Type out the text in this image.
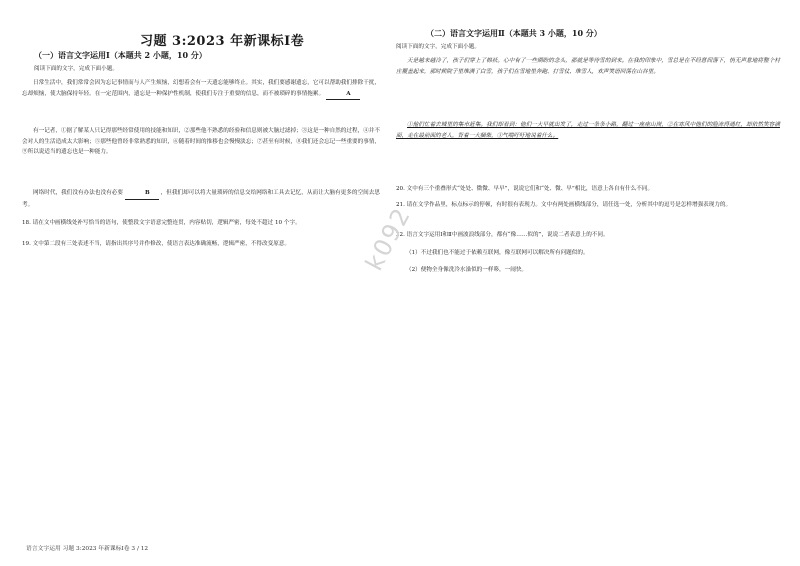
习题 3:2023 年新课标Ⅰ卷
（一）语言文字运用Ⅰ（本题共 2 小题，10 分）

阅读下面的文字，完成下面小题。

日常生活中，我们常常会因为忘记事情而与人产生烦恼，幻想着会有一天遗忘能够终止。其实，我们要感谢遗忘，它可以帮助我们排除干扰，忘却烦恼，使大脑保持年轻。在一定范围内，遗忘是一种保护性机制，使我们专注于重要的信息，而不被琐碎的事情拖累。	A

有一记者，①据了解某人只记得那些经常使用的技能和知识，②那些他不熟悉的经验和信息则被大脑过滤掉；③这是一种自然的过程，④并不会对人的生活造成太大影响；⑤那些他曾经非常熟悉的知识，⑥随着时间的推移也会慢慢淡忘；⑦甚至有时候，⑧我们还会忘记一些重要的事情，⑨所以说适当的遗忘也是一种能力。

网络时代，我们没有办法也没有必要	B ，但我们却可以将大量琐碎的信息交给网络和工具去记忆，从而让大脑有更多的空间去思考。

18. 请在文中画横线处补写恰当的语句，使整段文字语意完整连贯，内容贴切，逻辑严密，每处不超过 10 个字。

19. 文中第二段有三处表述不当，请指出其序号并作修改，使语言表达准确流畅，逻辑严密，不得改变原意。

（二）语言文字运用Ⅱ（本题共 3 小题，10 分）

阅读下面的文字，完成下面小题。

天是越来越冷了，孩子们穿上了棉袄。心中有了一些期盼的念头，那就是等待雪的到来。在我的印象中，雪总是在不经意间落下，悄无声息地将整个村庄覆盖起来，那时候院子里堆满了白雪，孩子们在雪地里奔跑、打雪仗、堆雪人，欢声笑语回荡在山谷里。

①他们忙着去城里的集市赶集。我们却看到：他们一大早就出发了，走过一条条小路，翻过一座座山岗，②在寒风中他们的脸冻得通红，却依然笑容满面，走在最前面的老人，背着一大捆柴，③气喘吁吁地说着什么。

20. 文中有三个重叠形式“处处、微微、早早”，说说它们和“处、微、早”相比，语意上各自有什么不同。

21. 请在文学作品里，标点标示的停顿，有时很有表现力。文中有两处画横线部分，请任选一处，分析其中的逗号是怎样增强表现力的。

22. 语言文字运用Ⅰ和Ⅱ中画波浪线部分，都有“像……似的”，说说二者表意上的不同。

（1）不过我们也不能过于依赖互联网，像互联网可以解决所有问题似的。

（2）便物全身像洗冷水澡似的一样哆，一闹快。

k092
语言文字运用 习题 3:2023 年新课标Ⅰ卷 3 / 12
